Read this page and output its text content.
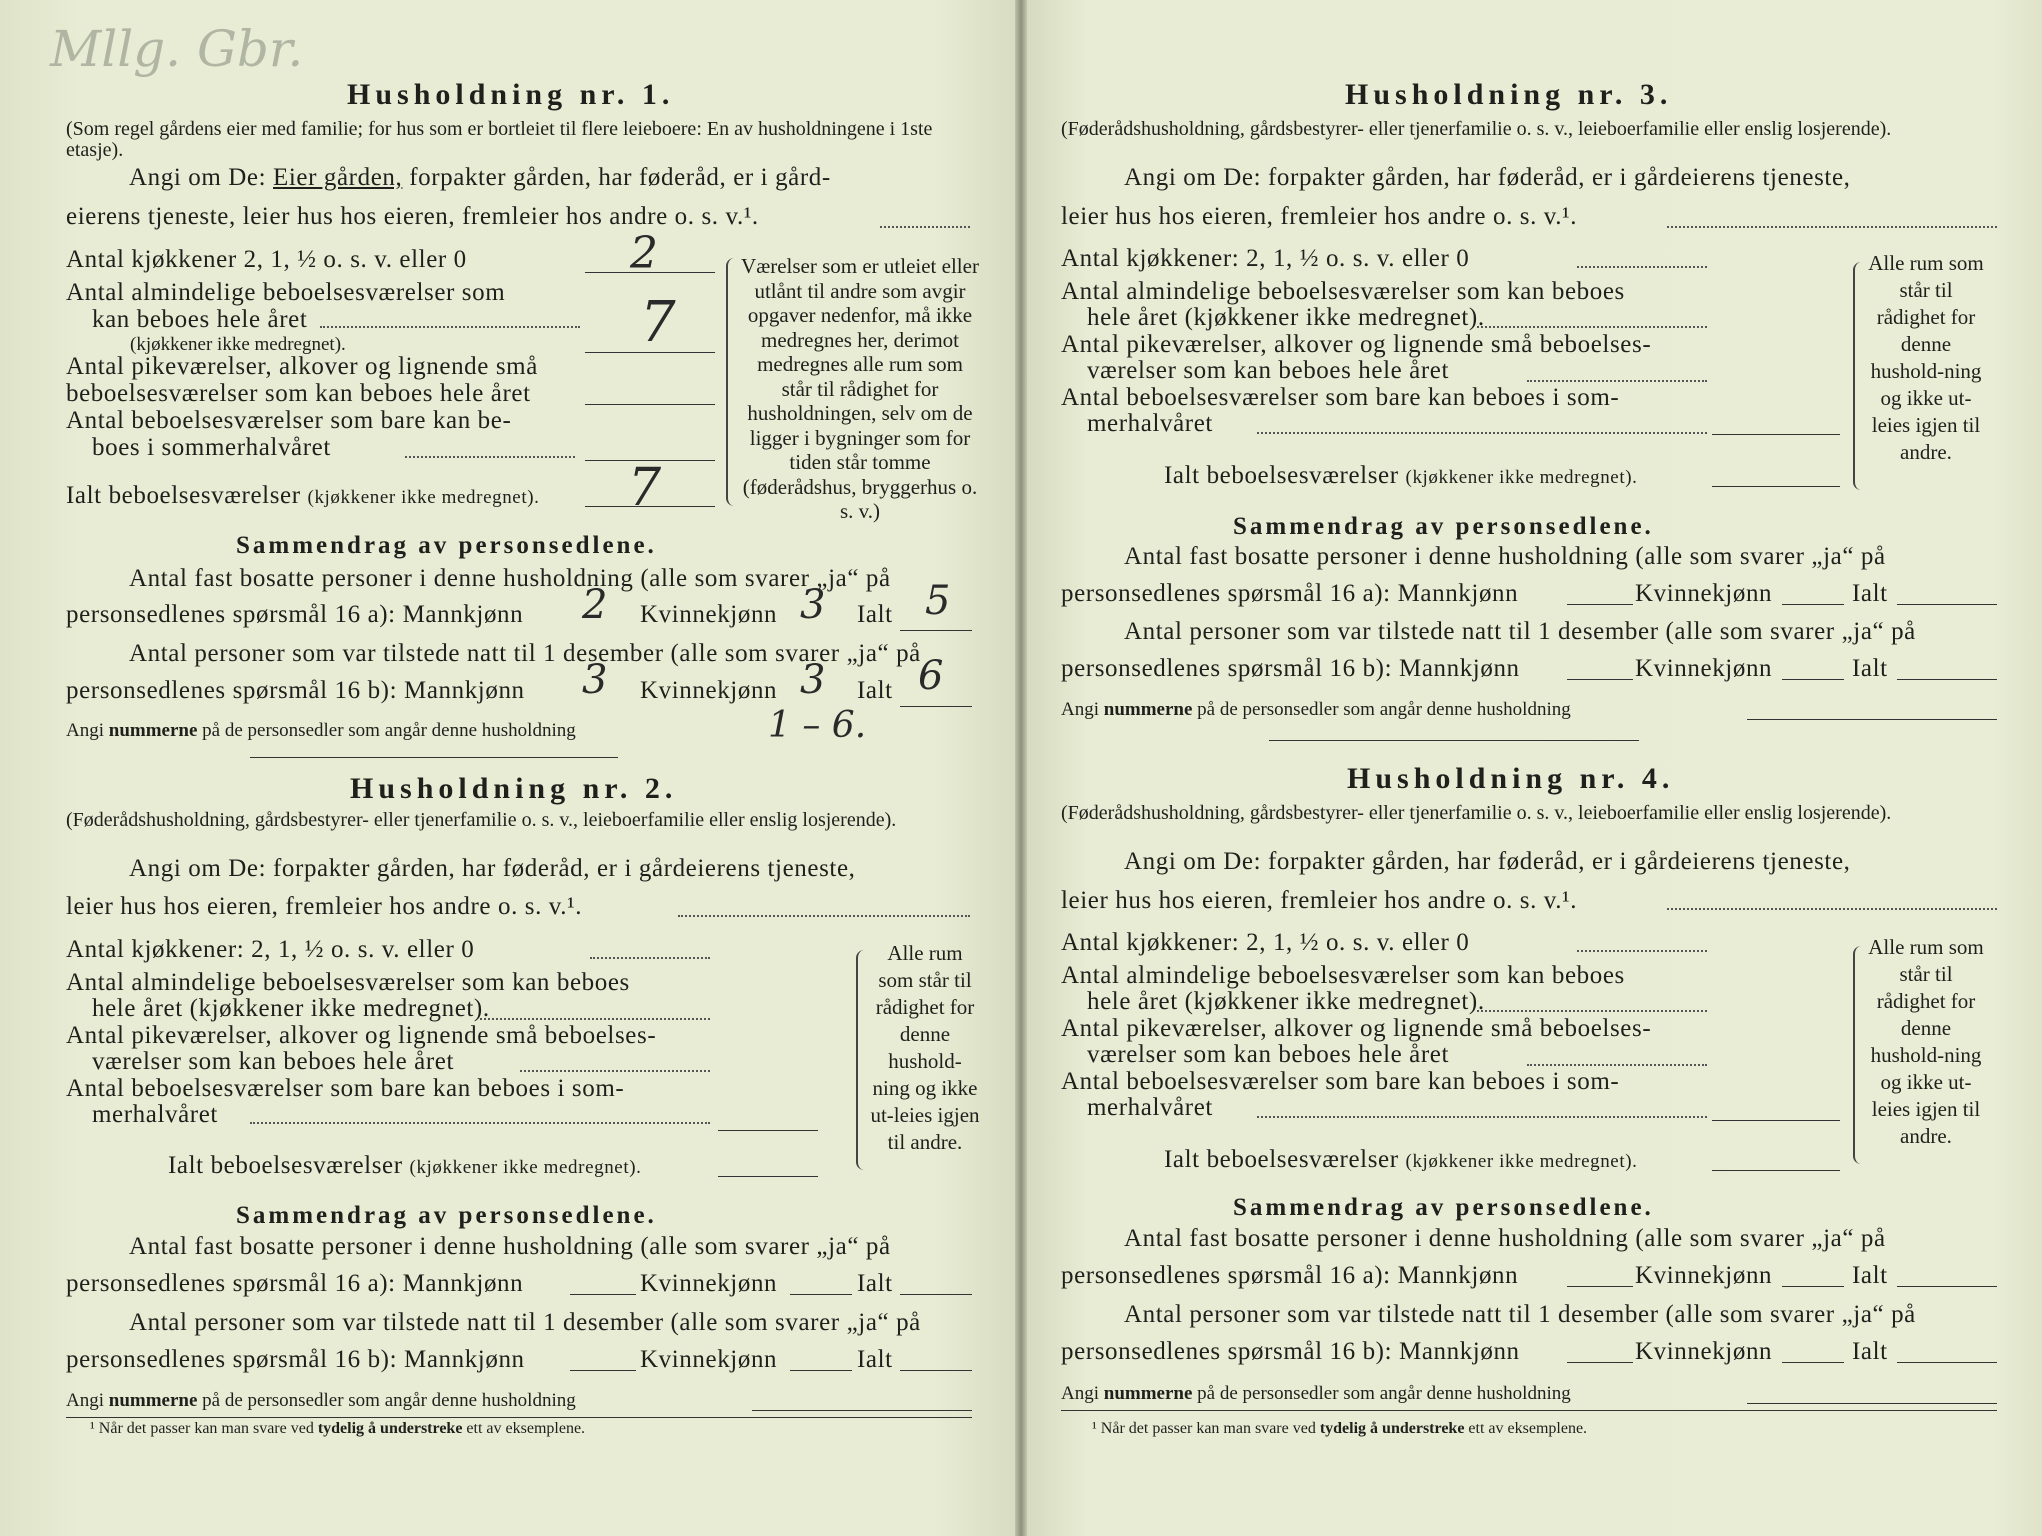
Mllg. Gbr.
Husholdning nr. 1.
(Som regel gårdens eier med familie; for hus som er bortleiet til flere leieboere: En av husholdningene i 1ste etasje).
Angi om De: Eier gården, forpakter gården, har føderåd, er i gård-
eierens tjeneste, leier hus hos eieren, fremleier hos andre o. s. v.¹.
Antal kjøkkener 2, 1, ½ o. s. v. eller 0	2
Antal almindelige beboelsesværelser som
kan beboes hele året
(kjøkkener ikke medregnet).	7
Antal pikeværelser, alkover og lignende små
beboelsesværelser som kan beboes hele året
Antal beboelsesværelser som bare kan be-
boes i sommerhalvåret
Ialt beboelsesværelser (kjøkkener ikke medregnet). 7
Værelser som er utleiet eller utlånt til andre som avgir opgaver nedenfor, må ikke medregnes her, derimot medregnes alle rum som står til rådighet for husholdningen, selv om de ligger i bygninger som for tiden står tomme (føderådshus, bryggerhus o. s. v.)
Sammendrag av personsedlene.
Antal fast bosatte personer i denne husholdning (alle som svarer „ja“ på
personsedlenes spørsmål 16 a): Mannkjønn 2 Kvinnekjønn 3 Ialt 5
Antal personer som var tilstede natt til 1 desember (alle som svarer „ja“ på
personsedlenes spørsmål 16 b): Mannkjønn 3 Kvinnekjønn 3 Ialt 6
Angi nummerne på de personsedler som angår denne husholdning	1 – 6.
Husholdning nr. 2.
(Føderådshusholdning, gårdsbestyrer- eller tjenerfamilie o. s. v., leieboerfamilie eller enslig losjerende).
Angi om De: forpakter gården, har føderåd, er i gårdeierens tjeneste,
leier hus hos eieren, fremleier hos andre o. s. v.¹.
Antal kjøkkener: 2, 1, ½ o. s. v. eller 0
Antal almindelige beboelsesværelser som kan beboes
hele året (kjøkkener ikke medregnet).
Antal pikeværelser, alkover og lignende små beboelses-
værelser som kan beboes hele året
Antal beboelsesværelser som bare kan beboes i som-
merhalvåret
Ialt beboelsesværelser (kjøkkener ikke medregnet).
Alle rum som står til rådighet for denne hushold-ning og ikke ut-leies igjen til andre.
Sammendrag av personsedlene.
Antal fast bosatte personer i denne husholdning (alle som svarer „ja“ på
personsedlenes spørsmål 16 a): Mannkjønn	Kvinnekjønn	Ialt
Antal personer som var tilstede natt til 1 desember (alle som svarer „ja“ på
personsedlenes spørsmål 16 b): Mannkjønn	Kvinnekjønn	Ialt
Angi nummerne på de personsedler som angår denne husholdning
¹ Når det passer kan man svare ved tydelig å understreke ett av eksemplene.
Husholdning nr. 3.
(Føderådshusholdning, gårdsbestyrer- eller tjenerfamilie o. s. v., leieboerfamilie eller enslig losjerende).
Angi om De: forpakter gården, har føderåd, er i gårdeierens tjeneste,
leier hus hos eieren, fremleier hos andre o. s. v.¹.
Antal kjøkkener: 2, 1, ½ o. s. v. eller 0
Antal almindelige beboelsesværelser som kan beboes
hele året (kjøkkener ikke medregnet).
Antal pikeværelser, alkover og lignende små beboelses-
værelser som kan beboes hele året
Antal beboelsesværelser som bare kan beboes i som-
merhalvåret
Ialt beboelsesværelser (kjøkkener ikke medregnet).
Alle rum som står til rådighet for denne hushold-ning og ikke ut-leies igjen til andre.
Sammendrag av personsedlene.
Antal fast bosatte personer i denne husholdning (alle som svarer „ja“ på
personsedlenes spørsmål 16 a): Mannkjønn	Kvinnekjønn	Ialt
Antal personer som var tilstede natt til 1 desember (alle som svarer „ja“ på
personsedlenes spørsmål 16 b): Mannkjønn	Kvinnekjønn	Ialt
Angi nummerne på de personsedler som angår denne husholdning
Husholdning nr. 4.
(Føderådshusholdning, gårdsbestyrer- eller tjenerfamilie o. s. v., leieboerfamilie eller enslig losjerende).
Angi om De: forpakter gården, har føderåd, er i gårdeierens tjeneste,
leier hus hos eieren, fremleier hos andre o. s. v.¹.
Antal kjøkkener: 2, 1, ½ o. s. v. eller 0
Antal almindelige beboelsesværelser som kan beboes
hele året (kjøkkener ikke medregnet).
Antal pikeværelser, alkover og lignende små beboelses-
værelser som kan beboes hele året
Antal beboelsesværelser som bare kan beboes i som-
merhalvåret
Ialt beboelsesværelser (kjøkkener ikke medregnet).
Alle rum som står til rådighet for denne hushold-ning og ikke ut-leies igjen til andre.
Sammendrag av personsedlene.
Antal fast bosatte personer i denne husholdning (alle som svarer „ja“ på
personsedlenes spørsmål 16 a): Mannkjønn	Kvinnekjønn	Ialt
Antal personer som var tilstede natt til 1 desember (alle som svarer „ja“ på
personsedlenes spørsmål 16 b): Mannkjønn	Kvinnekjønn	Ialt
Angi nummerne på de personsedler som angår denne husholdning
¹ Når det passer kan man svare ved tydelig å understreke ett av eksemplene.
